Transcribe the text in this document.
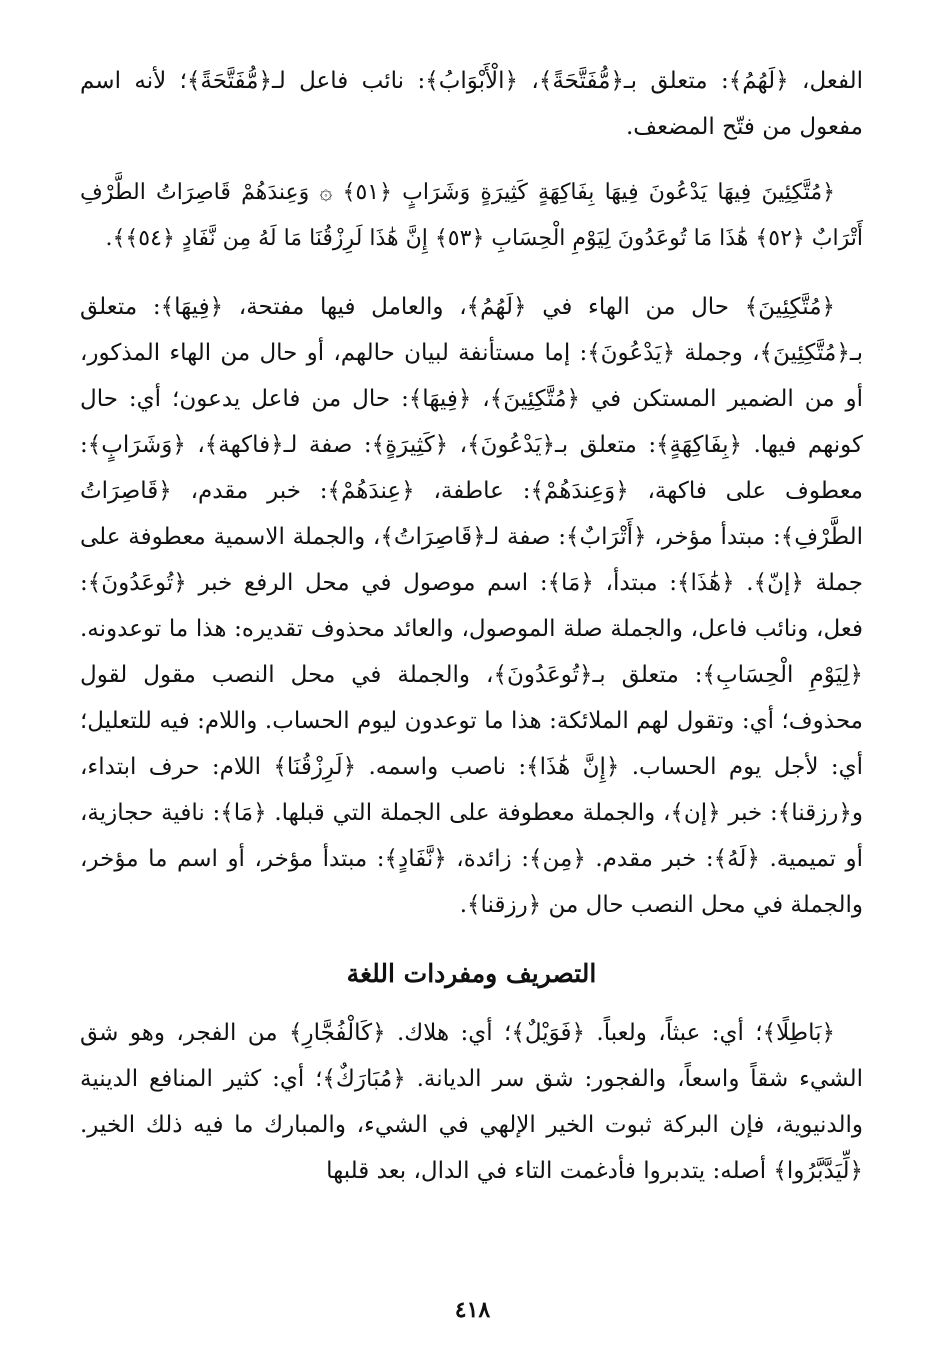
الفعل، ﴿لَهُمُ﴾: متعلق بـ﴿مُّفَتَّحَةً﴾، ﴿الْأَبْوَابُ﴾: نائب فاعل لـ﴿مُّفَتَّحَةً﴾؛ لأنه اسم مفعول من فتّح المضعف.

﴿مُتَّكِئِينَ فِيهَا يَدْعُونَ فِيهَا بِفَاكِهَةٍ كَثِيرَةٍ وَشَرَابٍ ﴿٥١﴾ ۞ وَعِندَهُمْ قَاصِرَاتُ الطَّرْفِ أَتْرَابٌ ﴿٥٢﴾ هَٰذَا مَا تُوعَدُونَ لِيَوْمِ الْحِسَابِ ﴿٥٣﴾ إِنَّ هَٰذَا لَرِزْقُنَا مَا لَهُ مِن نَّفَادٍ ﴿٥٤﴾﴾.

﴿مُتَّكِئِينَ﴾ حال من الهاء في ﴿لَهُمُ﴾، والعامل فيها مفتحة، ﴿فِيهَا﴾: متعلق بـ﴿مُتَّكِئِينَ﴾، وجملة ﴿يَدْعُونَ﴾: إما مستأنفة لبيان حالهم، أو حال من الهاء المذكور، أو من الضمير المستكن في ﴿مُتَّكِئِينَ﴾، ﴿فِيهَا﴾: حال من فاعل يدعون؛ أي: حال كونهم فيها. ﴿بِفَاكِهَةٍ﴾: متعلق بـ﴿يَدْعُونَ﴾، ﴿كَثِيرَةٍ﴾: صفة لـ﴿فاكهة﴾، ﴿وَشَرَابٍ﴾: معطوف على فاكهة، ﴿وَعِندَهُمْ﴾: عاطفة، ﴿عِندَهُمْ﴾: خبر مقدم، ﴿قَاصِرَاتُ الطَّرْفِ﴾: مبتدأ مؤخر، ﴿أَتْرَابٌ﴾: صفة لـ﴿قَاصِرَاتُ﴾، والجملة الاسمية معطوفة على جملة ﴿إنّ﴾. ﴿هَٰذَا﴾: مبتدأ، ﴿مَا﴾: اسم موصول في محل الرفع خبر ﴿تُوعَدُونَ﴾: فعل، ونائب فاعل، والجملة صلة الموصول، والعائد محذوف تقديره: هذا ما توعدونه. ﴿لِيَوْمِ الْحِسَابِ﴾: متعلق بـ﴿تُوعَدُونَ﴾، والجملة في محل النصب مقول لقول محذوف؛ أي: وتقول لهم الملائكة: هذا ما توعدون ليوم الحساب. واللام: فيه للتعليل؛ أي: لأجل يوم الحساب. ﴿إِنَّ هَٰذَا﴾: ناصب واسمه. ﴿لَرِزْقُنَا﴾ اللام: حرف ابتداء، و﴿رزقنا﴾: خبر ﴿إن﴾، والجملة معطوفة على الجملة التي قبلها. ﴿مَا﴾: نافية حجازية، أو تميمية. ﴿لَهُ﴾: خبر مقدم. ﴿مِن﴾: زائدة، ﴿نَّفَادٍ﴾: مبتدأ مؤخر، أو اسم ما مؤخر، والجملة في محل النصب حال من ﴿رزقنا﴾.

التصريف ومفردات اللغة

﴿بَاطِلًا﴾؛ أي: عبثاً، ولعباً. ﴿فَوَيْلٌ﴾؛ أي: هلاك. ﴿كَالْفُجَّارِ﴾ من الفجر، وهو شق الشيء شقاً واسعاً، والفجور: شق سر الديانة. ﴿مُبَارَكٌ﴾؛ أي: كثير المنافع الدينية والدنيوية، فإن البركة ثبوت الخير الإلهي في الشيء، والمبارك ما فيه ذلك الخير. ﴿لِّيَدَّبَّرُوا﴾ أصله: يتدبروا فأدغمت التاء في الدال، بعد قلبها

٤١٨
